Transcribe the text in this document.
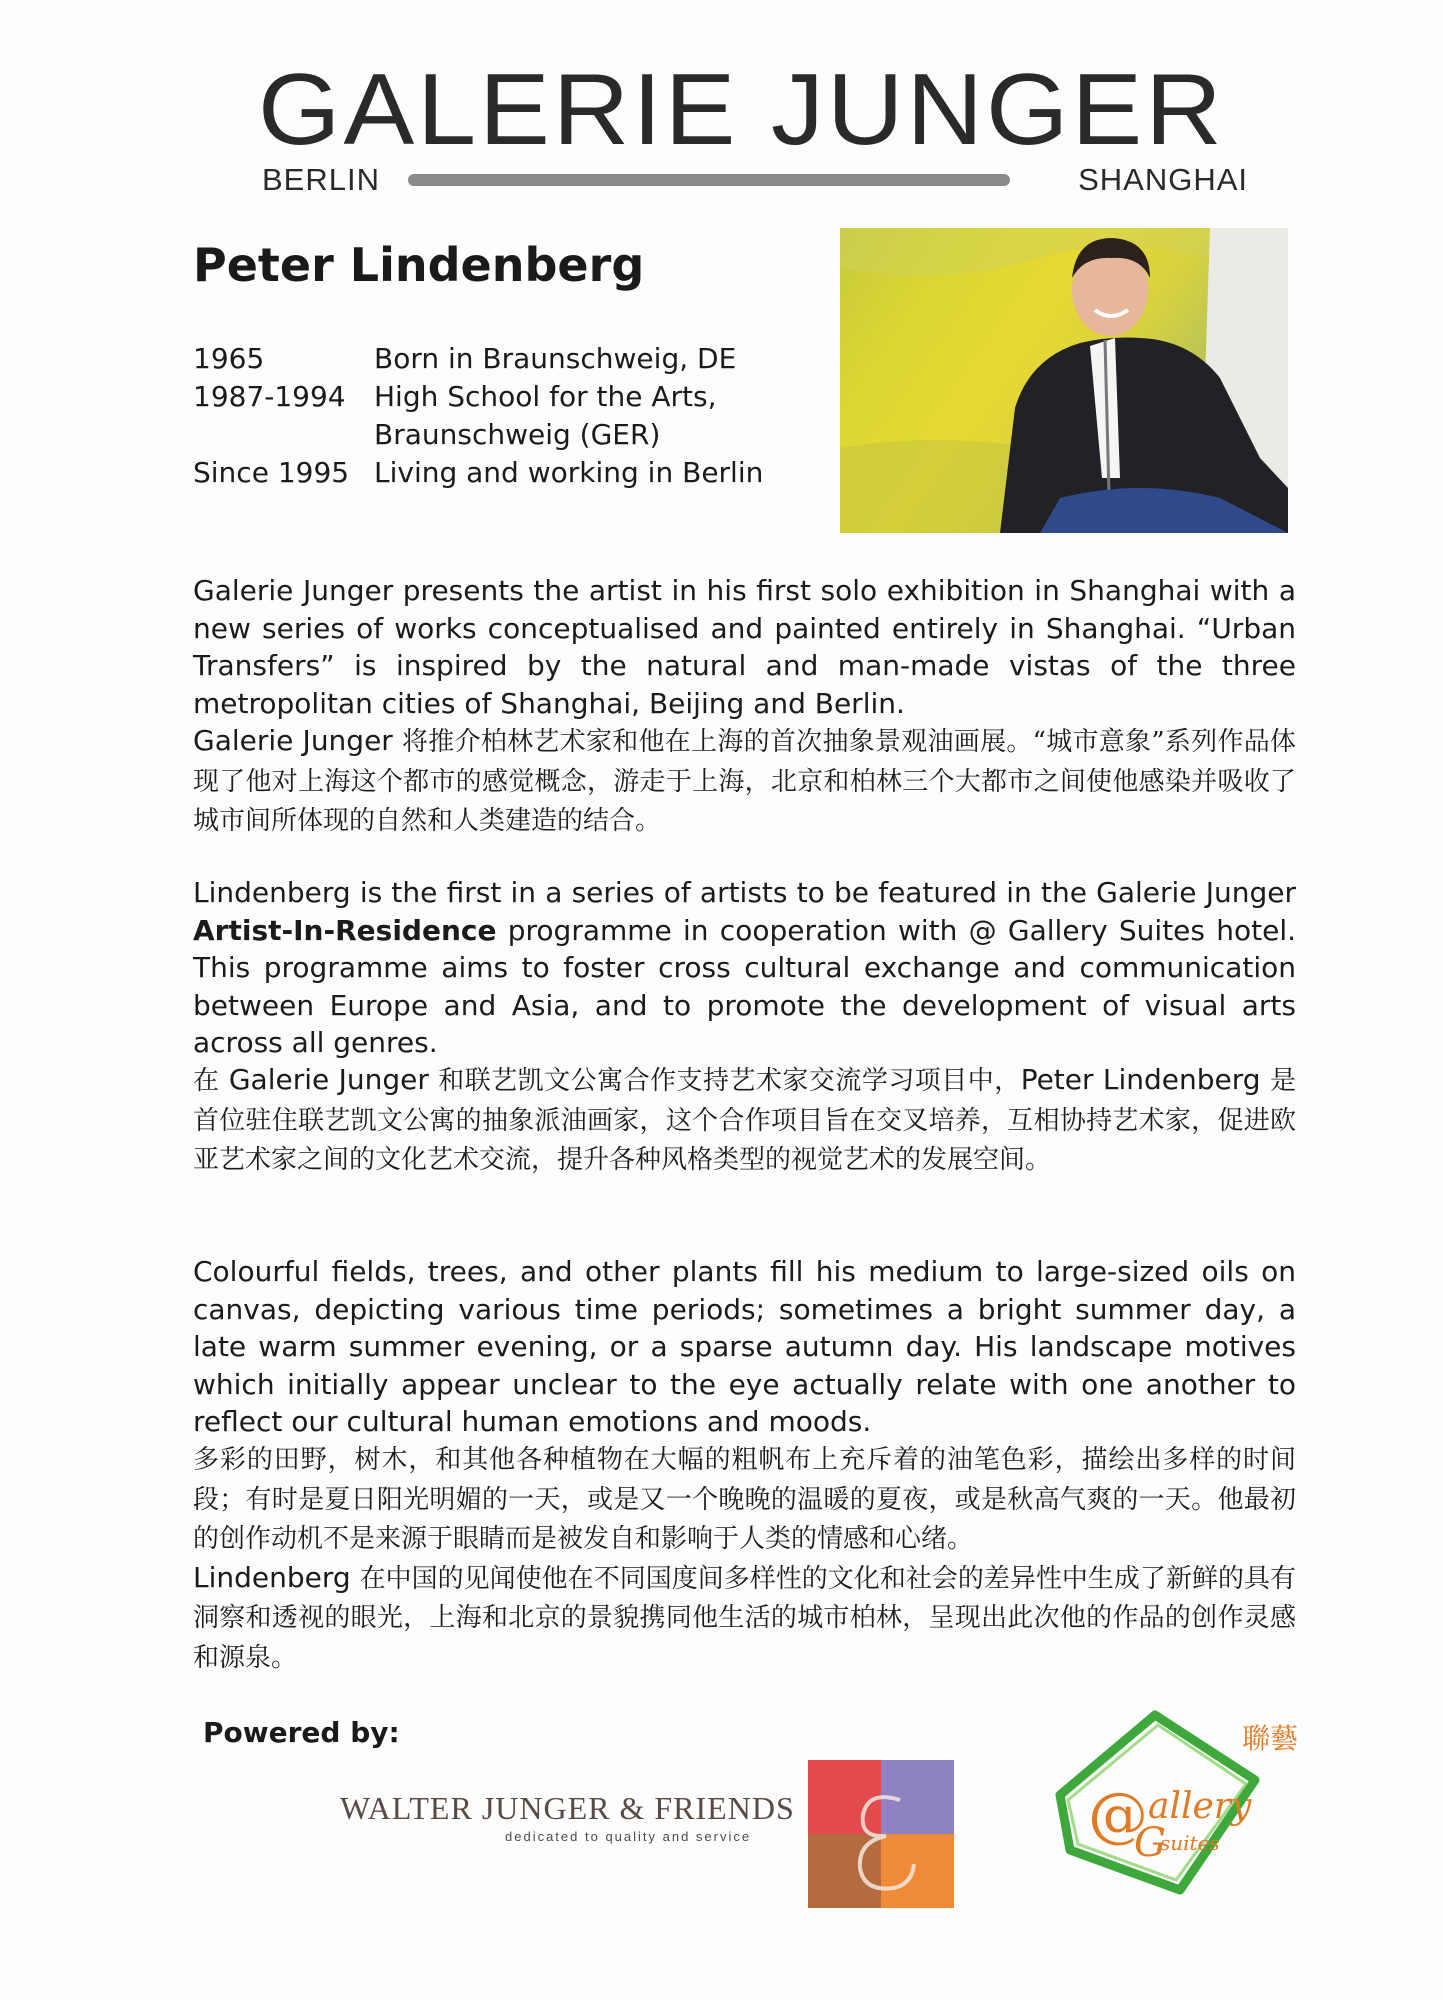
GALERIE JUNGER
BERLIN	SHANGHAI
Peter Lindenberg
1965	Born in Braunschweig, DE
1987-1994	High School for the Arts,
Braunschweig (GER)
Since 1995 Living and working in Berlin

Galerie Junger presents the artist in his first solo exhibition in Shanghai with a new series of works conceptualised and painted entirely in Shanghai. “Urban Transfers” is inspired by the natural and man-made vistas of the three metropolitan cities of Shanghai, Beijing and Berlin.

Galerie Junger 将推介柏林艺术家和他在上海的首次抽象景观油画展。“城市意象”系列作品体现了他对上海这个都市的感觉概念，游走于上海，北京和柏林三个大都市之间使他感染并吸收了城市间所体现的自然和人类建造的结合。

Lindenberg is the first in a series of artists to be featured in the Galerie Junger Artist-In-Residence programme in cooperation with @ Gallery Suites hotel. This programme aims to foster cross cultural exchange and communication between Europe and Asia, and to promote the development of visual arts across all genres.

在 Galerie Junger 和联艺凯文公寓合作支持艺术家交流学习项目中，Peter Lindenberg 是首位驻住联艺凯文公寓的抽象派油画家，这个合作项目旨在交叉培养，互相协持艺术家，促进欧亚艺术家之间的文化艺术交流，提升各种风格类型的视觉艺术的发展空间。

Colourful fields, trees, and other plants fill his medium to large-sized oils on canvas, depicting various time periods; sometimes a bright summer day, a late warm summer evening, or a sparse autumn day. His landscape motives which initially appear unclear to the eye actually relate with one another to reflect our cultural human emotions and moods.

多彩的田野，树木，和其他各种植物在大幅的粗帆布上充斥着的油笔色彩，描绘出多样的时间段；有时是夏日阳光明媚的一天，或是又一个晚晚的温暖的夏夜，或是秋高气爽的一天。他最初的创作动机不是来源于眼睛而是被发自和影响于人类的情感和心绪。
Lindenberg 在中国的见闻使他在不同国度间多样性的文化和社会的差异性中生成了新鲜的具有洞察和透视的眼光，上海和北京的景貌携同他生活的城市柏林，呈现出此次他的作品的创作灵感和源泉。

Powered by:

WALTER JUNGER & FRIENDS
dedicated to quality and service
聯藝
@ allery
G
suites
